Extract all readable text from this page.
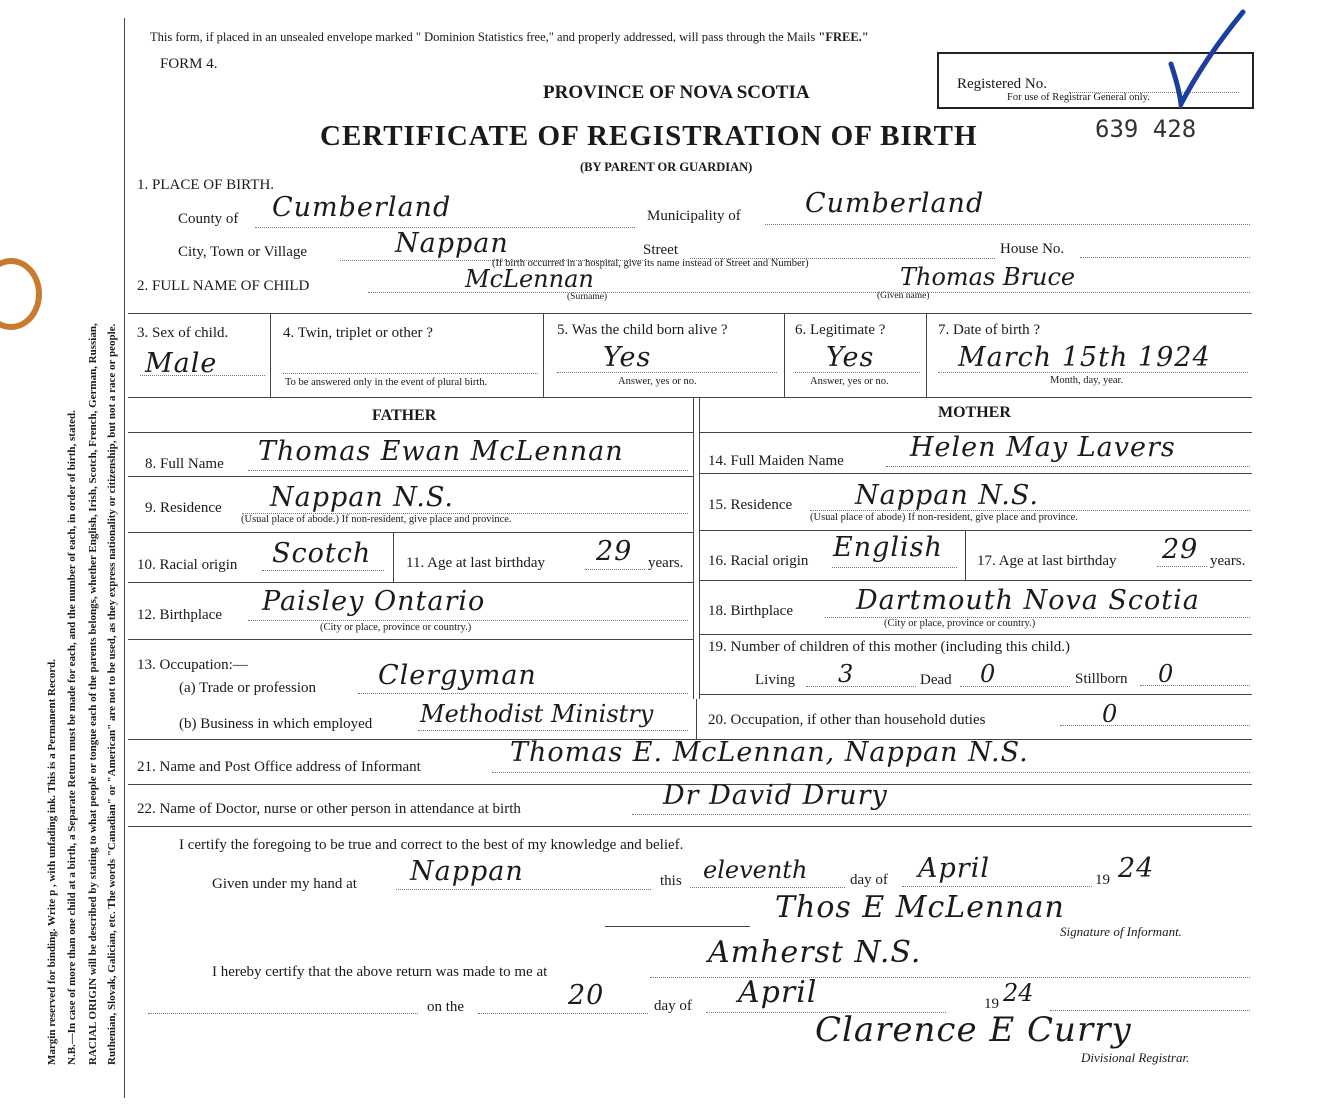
Margin reserved for binding. Write p , with unfading ink. This is a Permanent Record. N.B.—In case of more than one child at a birth, a Separate Return must be made for each, and the number of each, in order of birth, stated. RACIAL ORIGIN will be described by stating to what people or tongue each of the parents belongs, whether English, Irish, Scotch, French, German, Russian, Ruthenian, Slovak, Galician, etc. The words "Canadian" or "American" are not to be used, as they express nationality or citizenship, but not a race or people.
This form, if placed in an unsealed envelope marked " Dominion Statistics free," and properly addressed, will pass through the Mails "FREE."
FORM 4.
PROVINCE OF NOVA SCOTIA
CERTIFICATE OF REGISTRATION OF BIRTH
(BY PARENT OR GUARDIAN)
Registered No.
For use of Registrar General only.
639 428
1. PLACE OF BIRTH.
County of Cumberland	Municipality of Cumberland
City, Town or Village	Nappan	Street	House No.
(If birth occurred in a hospital, give its name instead of Street and Number)
2. FULL NAME OF CHILD	McLennan
(Surname)
Thomas Bruce
(Given name)
3. Sex of child.
Male
4. Twin, triplet or other ?
To be answered only in the event of plural birth.
5. Was the child born alive ?
Yes
Answer, yes or no.
6. Legitimate ?
Yes
Answer, yes or no.
7. Date of birth ?
March 15th 1924
Month, day, year.
FATHER	MOTHER
8. Full Name Thomas Ewan McLennan
9. Residence Nappan N.S.
(Usual place of abode.) If non-resident, give place and province.
10. Racial origin Scotch 11. Age at last birthday 29 years.
12. Birthplace Paisley Ontario
(City or place, province or country.)
13. Occupation:—
(a) Trade or profession Clergyman
(b) Business in which employed Methodist Ministry
14. Full Maiden Name Helen May Lavers
15. Residence Nappan N.S.
(Usual place of abode) If non-resident, give place and province.
16. Racial origin English 17. Age at last birthday 29 years.
18. Birthplace Dartmouth Nova Scotia
(City or place, province or country.)
19. Number of children of this mother (including this child.)
Living 3	Dead 0	Stillborn 0
20. Occupation, if other than household duties	0
21. Name and Post Office address of Informant	Thomas E. McLennan, Nappan N.S.
22. Name of Doctor, nurse or other person in attendance at birth	Dr David Drury
I certify the foregoing to be true and correct to the best of my knowledge and belief.
Given under my hand at Nappan	this eleventh	day of April	19 24
Thos E McLennan
Signature of Informant.
I hereby certify that the above return was made to me at
Amherst N.S.
on the	20	day of April	19 24
Clarence E Curry
Divisional Registrar.
